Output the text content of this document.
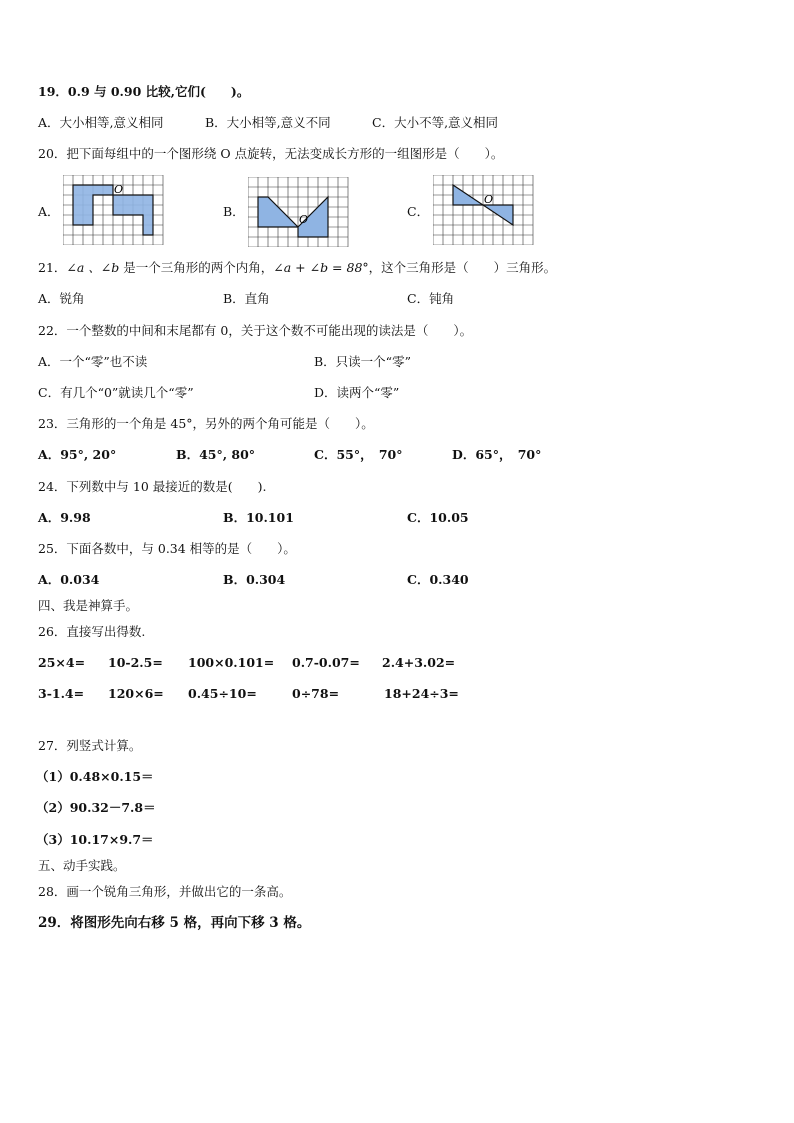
19．0.9 与 0.90 比较,它们(　　)。
A．大小相等,意义相同	B．大小相等,意义不同	C．大小不等,意义相同
20．把下面每组中的一个图形绕 O 点旋转，无法变成长方形的一组图形是（　　）。
A．
O
B．
O
C．
O
21．∠a 、∠b 是一个三角形的两个内角，∠a + ∠b = 88°，这个三角形是（　　）三角形。
A．锐角	B．直角	C．钝角
22．一个整数的中间和末尾都有 0，关于这个数不可能出现的读法是（　　）。
A．一个“零”也不读	B．只读一个“零”
C．有几个“0”就读几个“零”	D．读两个“零”
23．三角形的一个角是 45°，另外的两个角可能是（　　）。
A．95°, 20°	B．45°, 80°	C．55°，　70°	D．65°，　70°
24．下列数中与 10 最接近的数是(　　).
A．9.98	B．10.101	C．10.05
25．下面各数中，与 0.34 相等的是（　　）。
A．0.034	B．0.304	C．0.340
四、我是神算手。
26．直接写出得数.
25×4= 10-2.5= 100×0.101= 0.7-0.07= 2.4+3.02=
3-1.4= 120×6= 0.45÷10=	0÷78=	18+24÷3=
27．列竖式计算。
（1）0.48×0.15＝
（2）90.32－7.8＝
（3）10.17×9.7＝
五、动手实践。
28．画一个锐角三角形，并做出它的一条高。
29．将图形先向右移 5 格，再向下移 3 格。
